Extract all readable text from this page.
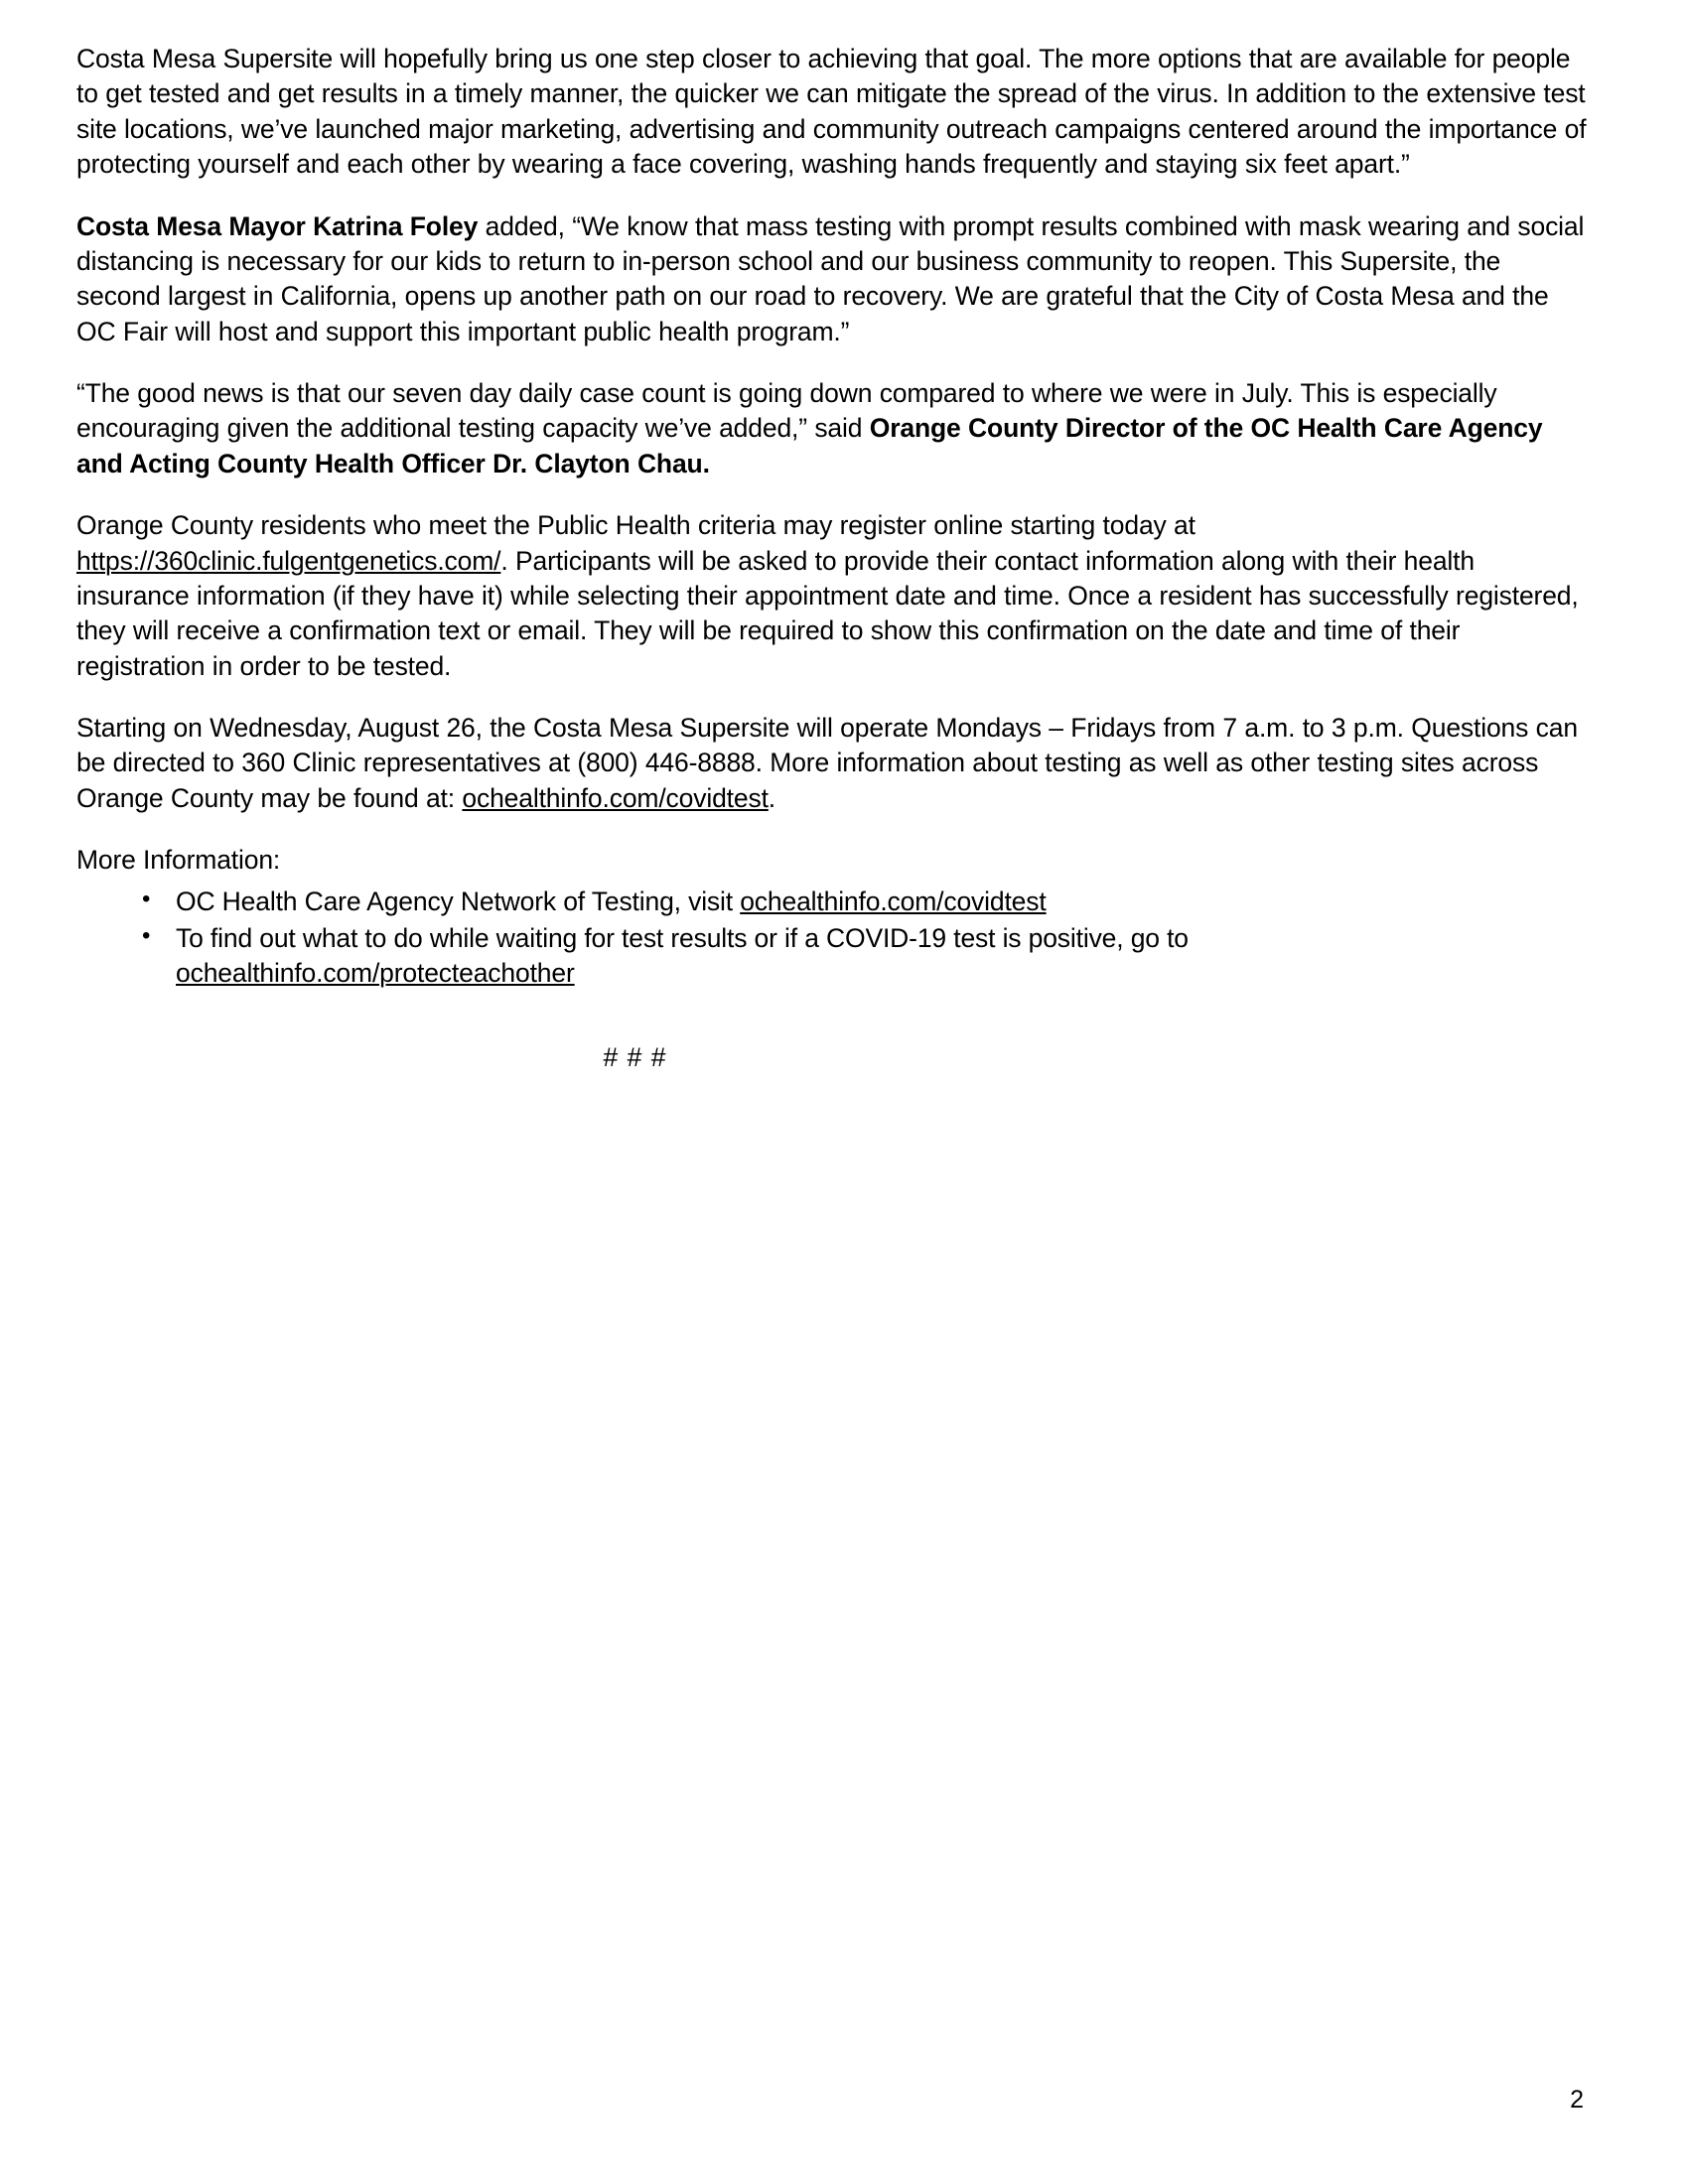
Costa Mesa Supersite will hopefully bring us one step closer to achieving that goal. The more options that are available for people to get tested and get results in a timely manner, the quicker we can mitigate the spread of the virus. In addition to the extensive test site locations, we’ve launched major marketing, advertising and community outreach campaigns centered around the importance of protecting yourself and each other by wearing a face covering, washing hands frequently and staying six feet apart.”

Costa Mesa Mayor Katrina Foley added, “We know that mass testing with prompt results combined with mask wearing and social distancing is necessary for our kids to return to in-person school and our business community to reopen. This Supersite, the second largest in California, opens up another path on our road to recovery. We are grateful that the City of Costa Mesa and the OC Fair will host and support this important public health program.”

“The good news is that our seven day daily case count is going down compared to where we were in July. This is especially encouraging given the additional testing capacity we’ve added,” said Orange County Director of the OC Health Care Agency and Acting County Health Officer Dr. Clayton Chau.

Orange County residents who meet the Public Health criteria may register online starting today at https://360clinic.fulgentgenetics.com/. Participants will be asked to provide their contact information along with their health insurance information (if they have it) while selecting their appointment date and time. Once a resident has successfully registered, they will receive a confirmation text or email. They will be required to show this confirmation on the date and time of their registration in order to be tested.

Starting on Wednesday, August 26, the Costa Mesa Supersite will operate Mondays – Fridays from 7 a.m. to 3 p.m. Questions can be directed to 360 Clinic representatives at (800) 446-8888. More information about testing as well as other testing sites across Orange County may be found at: ochealthinfo.com/covidtest.

More Information:

• OC Health Care Agency Network of Testing, visit ochealthinfo.com/covidtest
• To find out what to do while waiting for test results or if a COVID-19 test is positive, go to ochealthinfo.com/protecteachother

# # #

2
